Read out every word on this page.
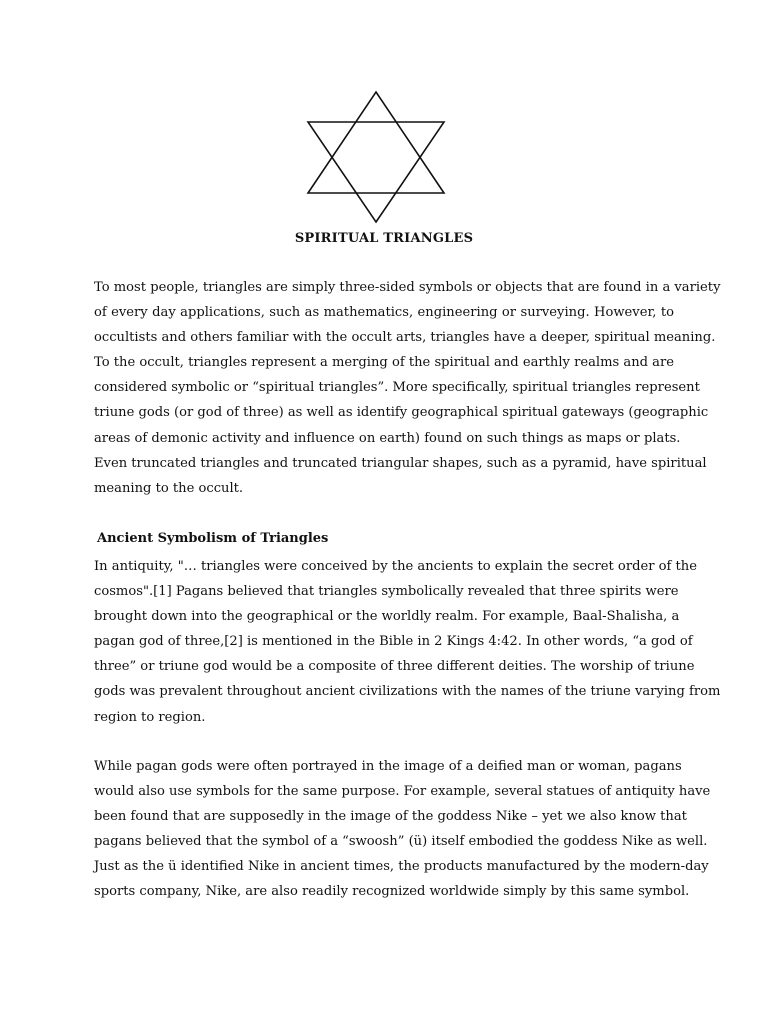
SPIRITUAL TRIANGLES
To most people, triangles are simply three-sided symbols or objects that are found in a variety
of every day applications, such as mathematics, engineering or surveying. However, to
occultists and others familiar with the occult arts, triangles have a deeper, spiritual meaning.
To the occult, triangles represent a merging of the spiritual and earthly realms and are
considered symbolic or “spiritual triangles”. More specifically, spiritual triangles represent
triune gods (or god of three) as well as identify geographical spiritual gateways (geographic
areas of demonic activity and influence on earth) found on such things as maps or plats.
Even truncated triangles and truncated triangular shapes, such as a pyramid, have spiritual
meaning to the occult.
Ancient Symbolism of Triangles
In antiquity, "… triangles were conceived by the ancients to explain the secret order of the
cosmos".[1] Pagans believed that triangles symbolically revealed that three spirits were
brought down into the geographical or the worldly realm. For example, Baal-Shalisha, a
pagan god of three,[2] is mentioned in the Bible in 2 Kings 4:42. In other words, “a god of
three” or triune god would be a composite of three different deities. The worship of triune
gods was prevalent throughout ancient civilizations with the names of the triune varying from
region to region.
While pagan gods were often portrayed in the image of a deified man or woman, pagans
would also use symbols for the same purpose. For example, several statues of antiquity have
been found that are supposedly in the image of the goddess Nike – yet we also know that
pagans believed that the symbol of a “swoosh” (ü) itself embodied the goddess Nike as well.
Just as the ü identified Nike in ancient times, the products manufactured by the modern-day
sports company, Nike, are also readily recognized worldwide simply by this same symbol.
